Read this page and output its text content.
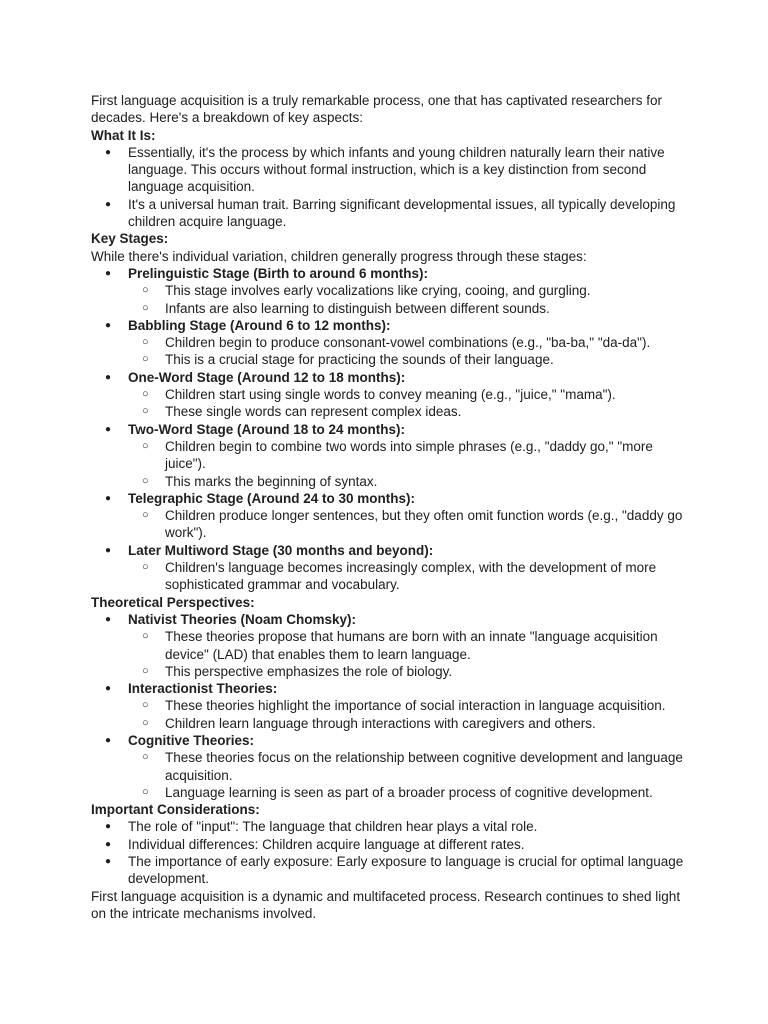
First language acquisition is a truly remarkable process, one that has captivated researchers for decades. Here's a breakdown of key aspects:

What It Is:

● Essentially, it's the process by which infants and young children naturally learn their native language. This occurs without formal instruction, which is a key distinction from second language acquisition.
● It's a universal human trait. Barring significant developmental issues, all typically developing children acquire language.

Key Stages:

While there's individual variation, children generally progress through these stages:

● Prelinguistic Stage (Birth to around 6 months):
○ This stage involves early vocalizations like crying, cooing, and gurgling.
○ Infants are also learning to distinguish between different sounds.
● Babbling Stage (Around 6 to 12 months):
○ Children begin to produce consonant-vowel combinations (e.g., "ba-ba," "da-da").
○ This is a crucial stage for practicing the sounds of their language.
● One-Word Stage (Around 12 to 18 months):
○ Children start using single words to convey meaning (e.g., "juice," "mama").
○ These single words can represent complex ideas.
● Two-Word Stage (Around 18 to 24 months):
○ Children begin to combine two words into simple phrases (e.g., "daddy go," "more juice").
○ This marks the beginning of syntax.
● Telegraphic Stage (Around 24 to 30 months):
○ Children produce longer sentences, but they often omit function words (e.g., "daddy go work").
● Later Multiword Stage (30 months and beyond):
○ Children's language becomes increasingly complex, with the development of more sophisticated grammar and vocabulary.

Theoretical Perspectives:

● Nativist Theories (Noam Chomsky):
○ These theories propose that humans are born with an innate "language acquisition device" (LAD) that enables them to learn language.
○ This perspective emphasizes the role of biology.
● Interactionist Theories:
○ These theories highlight the importance of social interaction in language acquisition.
○ Children learn language through interactions with caregivers and others.
● Cognitive Theories:
○ These theories focus on the relationship between cognitive development and language acquisition.
○ Language learning is seen as part of a broader process of cognitive development.

Important Considerations:

● The role of "input": The language that children hear plays a vital role.
● Individual differences: Children acquire language at different rates.
● The importance of early exposure: Early exposure to language is crucial for optimal language development.

First language acquisition is a dynamic and multifaceted process. Research continues to shed light on the intricate mechanisms involved.
